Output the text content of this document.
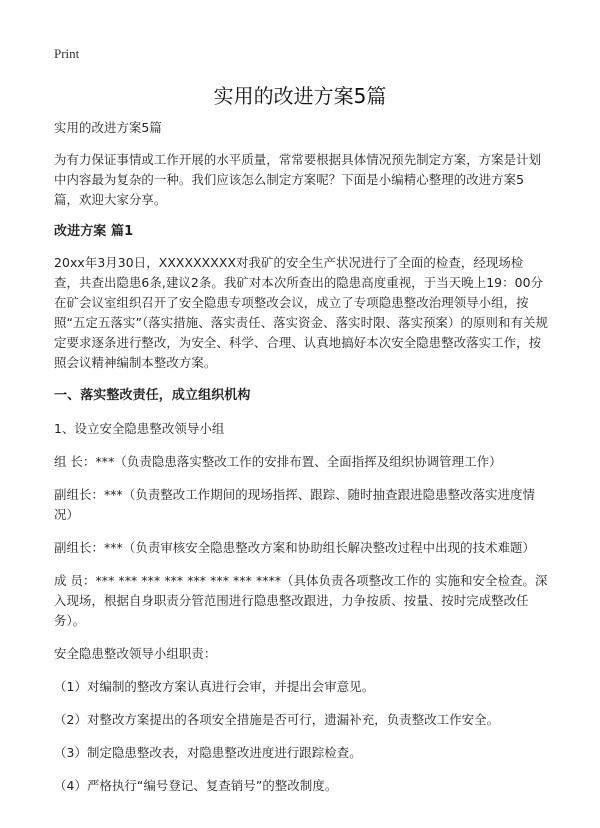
Print
实用的改进方案5篇

实用的改进方案5篇

为有力保证事情或工作开展的水平质量，常常要根据具体情况预先制定方案，方案是计划中内容最为复杂的一种。我们应该怎么制定方案呢？下面是小编精心整理的改进方案5篇，欢迎大家分享。

改进方案 篇1

20xx年3月30日，XXXXXXXXX对我矿的安全生产状况进行了全面的检查，经现场检查，共查出隐患6条,建议2条。我矿对本次所查出的隐患高度重视，于当天晚上19：00分在矿会议室组织召开了安全隐患专项整改会议，成立了专项隐患整改治理领导小组，按照“五定五落实”（落实措施、落实责任、落实资金、落实时限、落实预案）的原则和有关规定要求逐条进行整改，为安全、科学、合理、认真地搞好本次安全隐患整改落实工作，按照会议精神编制本整改方案。

一、落实整改责任，成立组织机构

1、设立安全隐患整改领导小组

组 长：***（负责隐患落实整改工作的安排布置、全面指挥及组织协调管理工作）

副组长：***（负责整改工作期间的现场指挥、跟踪、随时抽查跟进隐患整改落实进度情况）

副组长：***（负责审核安全隐患整改方案和协助组长解决整改过程中出现的技术难题）

成 员：*** *** *** *** *** *** *** ****（具体负责各项整改工作的 实施和安全检查。深入现场，根据自身职责分管范围进行隐患整改跟进，力争按质、按量、按时完成整改任务）。

安全隐患整改领导小组职责：

（1）对编制的整改方案认真进行会审，并提出会审意见。

（2）对整改方案提出的各项安全措施是否可行，遗漏补充，负责整改工作安全。

（3）制定隐患整改表，对隐患整改进度进行跟踪检查。

（4）严格执行“编号登记、复查销号”的整改制度。
